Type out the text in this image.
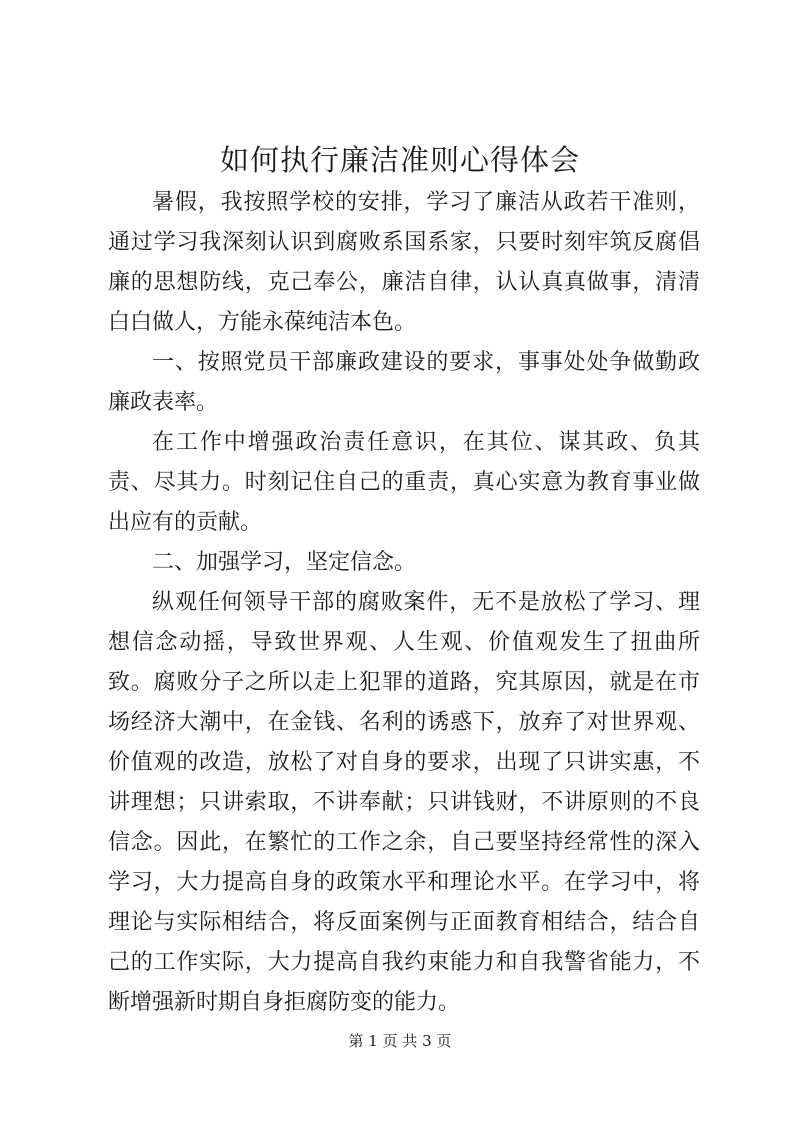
如何执行廉洁准则心得体会

暑假，我按照学校的安排，学习了廉洁从政若干准则，通过学习我深刻认识到腐败系国系家，只要时刻牢筑反腐倡廉的思想防线，克己奉公，廉洁自律，认认真真做事，清清白白做人，方能永葆纯洁本色。

一、按照党员干部廉政建设的要求，事事处处争做勤政廉政表率。

在工作中增强政治责任意识，在其位、谋其政、负其责、尽其力。时刻记住自己的重责，真心实意为教育事业做出应有的贡献。

二、加强学习，坚定信念。

纵观任何领导干部的腐败案件，无不是放松了学习、理想信念动摇，导致世界观、人生观、价值观发生了扭曲所致。腐败分子之所以走上犯罪的道路，究其原因，就是在市场经济大潮中，在金钱、名利的诱惑下，放弃了对世界观、价值观的改造，放松了对自身的要求，出现了只讲实惠，不讲理想；只讲索取，不讲奉献；只讲钱财，不讲原则的不良信念。因此，在繁忙的工作之余，自己要坚持经常性的深入学习，大力提高自身的政策水平和理论水平。在学习中，将理论与实际相结合，将反面案例与正面教育相结合，结合自己的工作实际，大力提高自我约束能力和自我警省能力，不断增强新时期自身拒腐防变的能力。

第 1 页 共 3 页
